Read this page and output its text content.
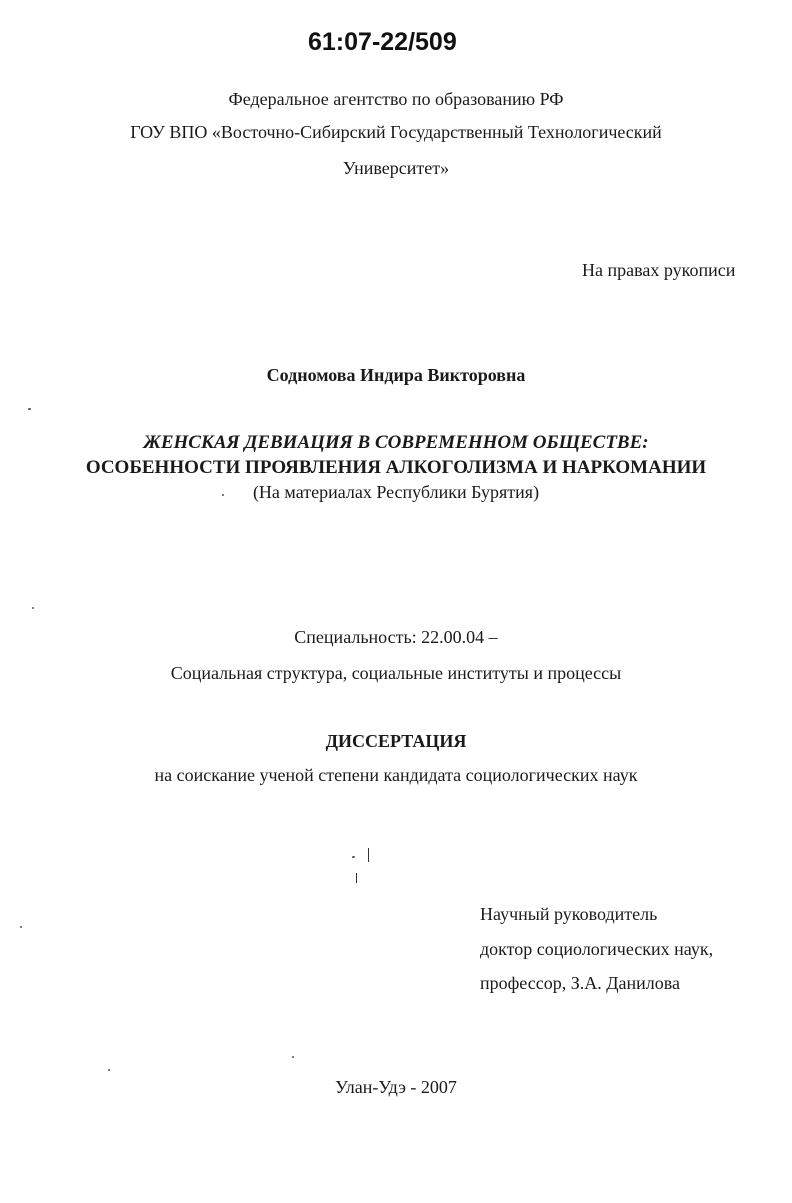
61:07-22/509
Федеральное агентство по образованию РФ
ГОУ ВПО «Восточно-Сибирский Государственный Технологический
Университет»
На правах рукописи
Содномова Индира Викторовна
ЖЕНСКАЯ ДЕВИАЦИЯ В СОВРЕМЕННОМ ОБЩЕСТВЕ:
ОСОБЕННОСТИ ПРОЯВЛЕНИЯ АЛКОГОЛИЗМА И НАРКОМАНИИ
(На материалах Республики Бурятия)
Специальность: 22.00.04 –
Социальная структура, социальные институты и процессы
ДИССЕРТАЦИЯ
на соискание ученой степени кандидата социологических наук
Научный руководитель
доктор социологических наук,
профессор, З.А. Данилова
Улан-Удэ - 2007
